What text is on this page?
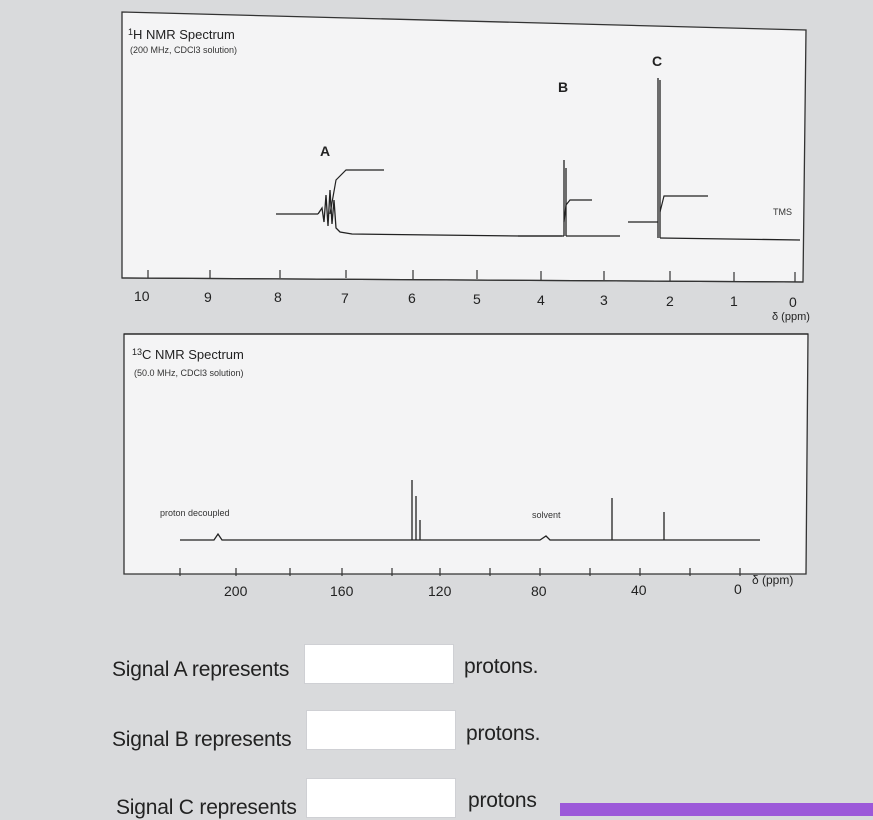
$^1$H NMR Spectrum
(200 MHz, CDCl3 solution)
A
B
C
TMS
10	9	8	7	6	5	4	3	2	1	0
δ (ppm)
$^{13}$C NMR Spectrum
(50.0 MHz, CDCl3 solution)
proton decoupled	solvent
200	160	120	80	40	0
δ (ppm)
Signal A represents	protons.
Signal B represents	protons.
Signal C represents	protons
